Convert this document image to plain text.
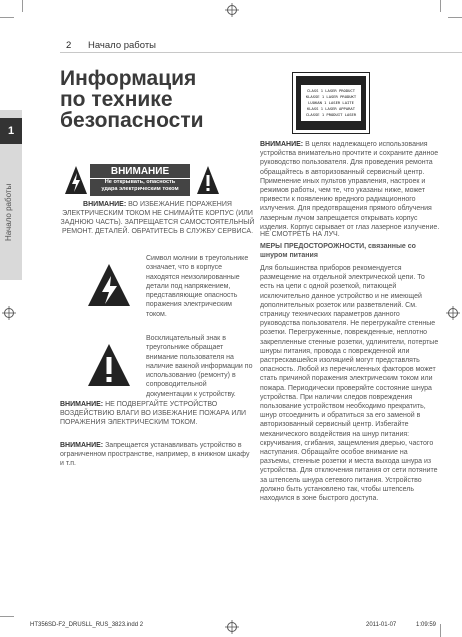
2 Начало работы
1
Начало работы
Информация
по технике
безопасности
ВНИМАНИЕ
Не открывать, опасность
удара электрическим током
ВНИМАНИЕ: ВО ИЗБЕЖАНИЕ ПОРАЖЕНИЯ ЭЛЕКТРИЧЕСКИМ ТОКОМ НЕ СНИМАЙТЕ КОРПУС (ИЛИ ЗАДНЮЮ ЧАСТЬ). ЗАПРЕЩАЕТСЯ САМОСТОЯТЕЛЬНЫЙ РЕМОНТ. ДЕТАЛЕЙ. ОБРАТИТЕСЬ В СЛУЖБУ СЕРВИСА.
Символ молнии в треугольнике означает, что в корпусе находятся неизолированные детали под напряжением, представляющие опасность поражения электрическим током.
Восклицательный знак в треугольнике обращает внимание пользователя на наличие важной информации по использованию (ремонту) в сопроводительной документации к устройству.
ВНИМАНИЕ: НЕ ПОДВЕРГАЙТЕ УСТРОЙСТВО ВОЗДЕЙСТВИЮ ВЛАГИ ВО ИЗБЕЖАНИЕ ПОЖАРА ИЛИ ПОРАЖЕНИЯ ЭЛЕКТРИЧЕСКИМ ТОКОМ.
ВНИМАНИЕ: Запрещается устанавливать устройство в ограниченном пространстве, например, в книжном шкафу и т.п.
CLASS 1 LASER PRODUCT
KLASSE 1 LASER PRODUKT
LUOKAN 1 LASER LAITE
KLASS 1 LASER APPARAT
CLASSE 1 PRODUIT LASER
ВНИМАНИЕ: В целях надлежащего использования устройства внимательно прочтите и сохраните данное руководство пользователя. Для проведения ремонта обращайтесь в авторизованный сервисный центр. Применение иных пультов управления, настроек и режимов работы, чем те, что указаны ниже, может привести к появлению вредного радиационного излучения. Для предотвращения прямого облучения лазерным лучом запрещается открывать корпус изделия. Корпус скрывает от глаз лазерное излучение.
НЕ СМОТРЕТЬ НА ЛУЧ.
МЕРЫ ПРЕДОСТОРОЖНОСТИ, связанные со шнуром питания
Для большинства приборов рекомендуется размещение на отдельной электрической цепи. То есть на цепи с одной розеткой, питающей исключительно данное устройство и не имеющей дополнительных розеток или разветвлений. См. страницу технических параметров данного руководства пользователя. Не перегружайте стенные розетки. Перегруженные, поврежденные, неплотно закрепленные стенные розетки, удлинители, потертые шнуры питания, провода с поврежденной или растрескавшейся изоляцией могут представлять опасность. Любой из перечисленных факторов может стать причиной поражения электрическим током или пожара. Периодически проверяйте состояние шнура устройства. При наличии следов повреждения пользование устройством необходимо прекратить, шнур отсоединить и обратиться за его заменой в авторизованный сервисный центр. Избегайте механического воздействия на шнур питания: скручивания, сгибания, защемления дверью, частого наступания. Обращайте особое внимание на разъемы, стенные розетки и места выхода шнура из устройства. Для отключения питания от сети потяните за штепсель шнура сетевого питания. Устройство должно быть установлено так, чтобы штепсель находился в зоне быстрого доступа.
HT356SD-F2_DRUSLL_RUS_3823.indd 2	2011-01-07	1:09:59
